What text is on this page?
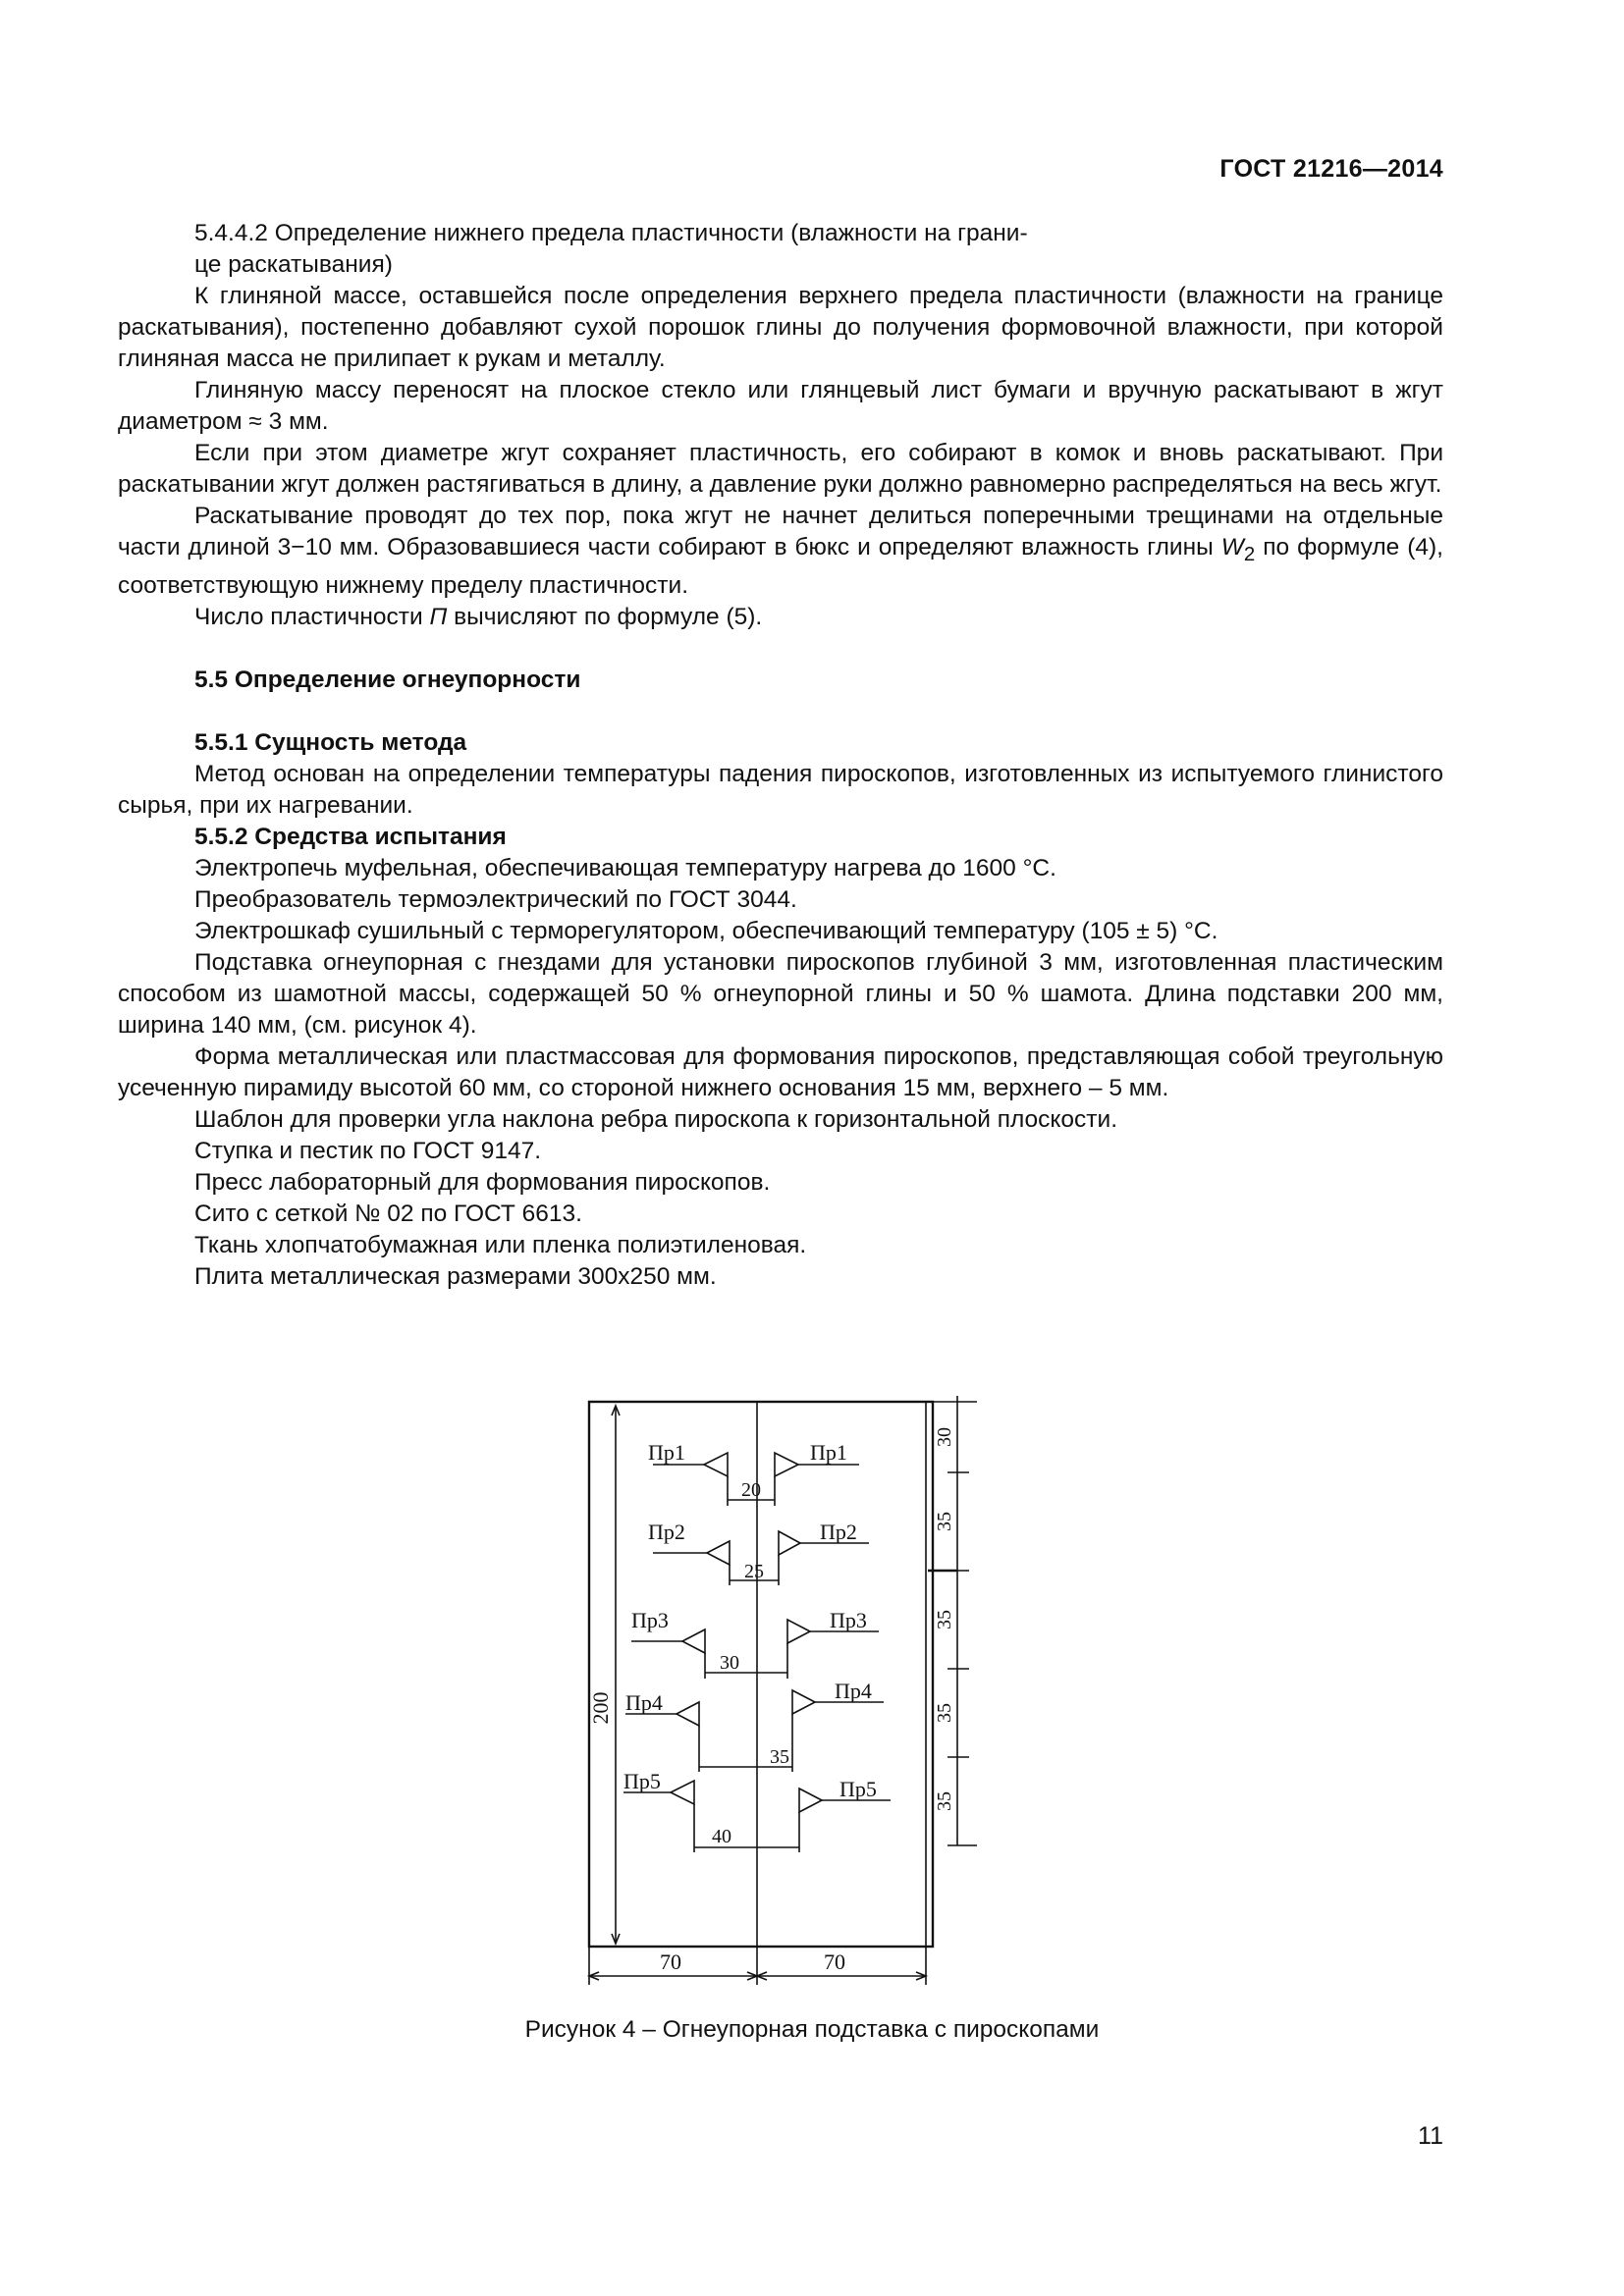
ГОСТ 21216—2014

5.4.4.2 Определение нижнего предела пластичности (влажности на грани-

це раскатывания)

К глиняной массе, оставшейся после определения верхнего предела пластичности (влажности на границе раскатывания), постепенно добавляют сухой порошок глины до получения формовочной влажности, при которой глиняная масса не прилипает к рукам и металлу.

Глиняную массу переносят на плоское стекло или глянцевый лист бумаги и вручную раскатывают в жгут диаметром ≈ 3 мм.

Если при этом диаметре жгут сохраняет пластичность, его собирают в комок и вновь раскатывают. При раскатывании жгут должен растягиваться в длину, а давление руки должно равномерно распределяться на весь жгут.

Раскатывание проводят до тех пор, пока жгут не начнет делиться поперечными трещинами на отдельные части длиной 3−10 мм. Образовавшиеся части собирают в бюкс и определяют влажность глины $W_2$ по формуле (4), соответствующую нижнему пределу пластичности.

Число пластичности П вычисляют по формуле (5).

5.5 Определение огнеупорности
5.5.1 Сущность метода

Метод основан на определении температуры падения пироскопов, изготовленных из испытуемого глинистого сырья, при их нагревании.

5.5.2 Средства испытания

Электропечь муфельная, обеспечивающая температуру нагрева до 1600 °С.

Преобразователь термоэлектрический по ГОСТ 3044.

Электрошкаф сушильный с терморегулятором, обеспечивающий температуру (105 ± 5) °С.

Подставка огнеупорная с гнездами для установки пироскопов глубиной 3 мм, изготовленная пластическим способом из шамотной массы, содержащей 50 % огнеупорной глины и 50 % шамота. Длина подставки 200 мм, ширина 140 мм, (см. рисунок 4).

Форма металлическая или пластмассовая для формования пироскопов, представляющая собой треугольную усеченную пирамиду высотой 60 мм, со стороной нижнего основания 15 мм, верхнего – 5 мм.

Шаблон для проверки угла наклона ребра пироскопа к горизонтальной плоскости.

Ступка и пестик по ГОСТ 9147.

Пресс лабораторный для формования пироскопов.

Сито с сеткой № 02 по ГОСТ 6613.

Ткань хлопчатобумажная или пленка полиэтиленовая.

Плита металлическая размерами 300х250 мм.

200
30
35
35
35
35
70	70
Пр1	Пр1
20
Пр2	Пр2
25
Пр3	Пр3
30
Пр4	Пр4
35
Пр5	Пр5
40
Рисунок 4 – Огнеупорная подставка с пироскопами
11
